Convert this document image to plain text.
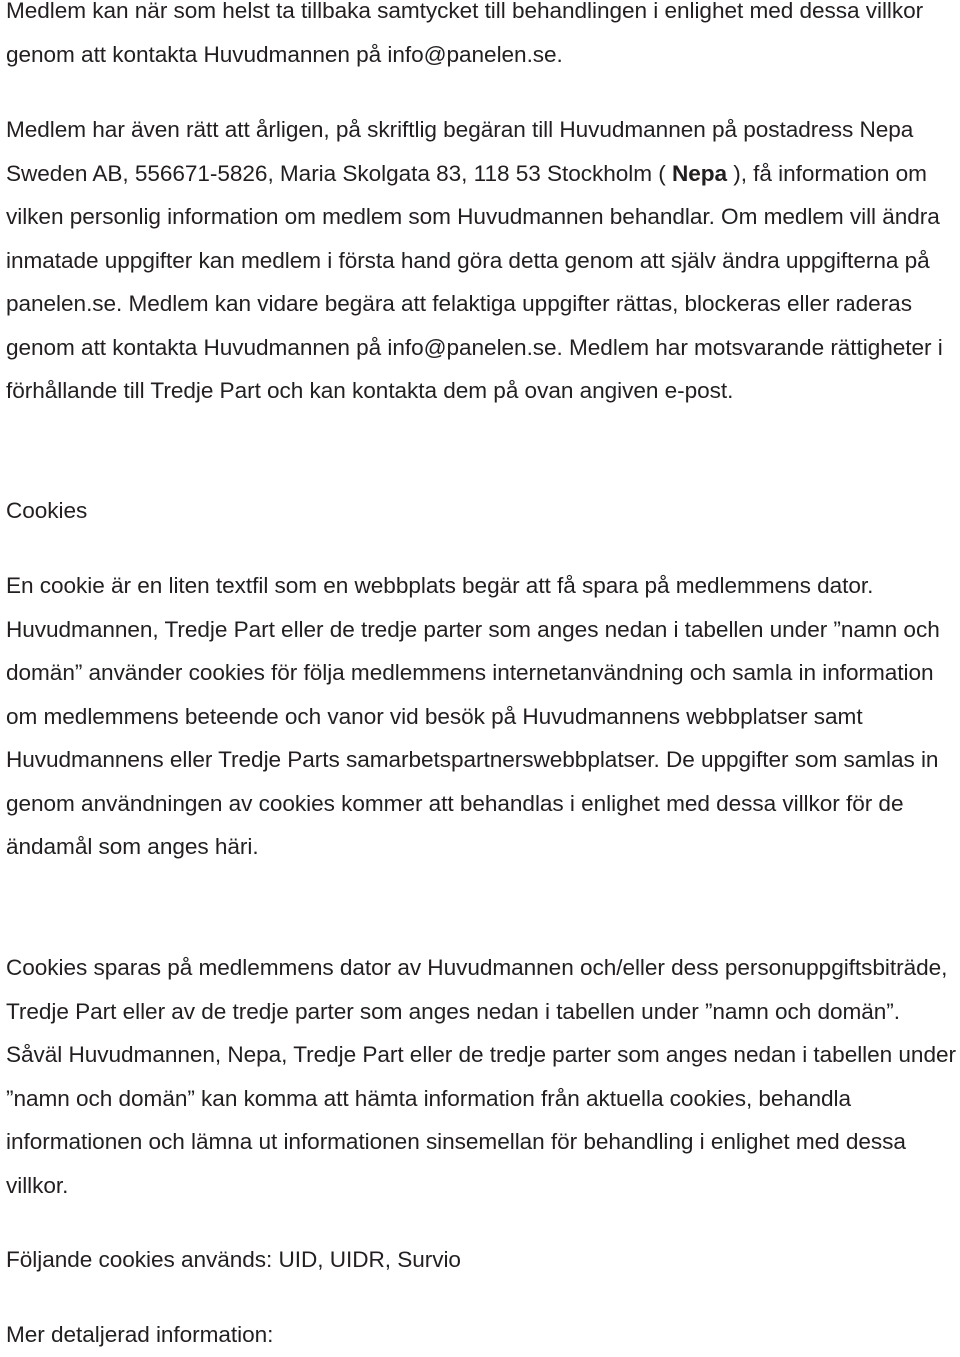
Medlem kan när som helst ta tillbaka samtycket till behandlingen i enlighet med dessa villkor genom att kontakta Huvudmannen på info@panelen.se.

Medlem har även rätt att årligen, på skriftlig begäran till Huvudmannen på postadress Nepa Sweden AB, 556671-5826, Maria Skolgata 83, 118 53 Stockholm ( Nepa ), få information om vilken personlig information om medlem som Huvudmannen behandlar. Om medlem vill ändra inmatade uppgifter kan medlem i första hand göra detta genom att själv ändra uppgifterna på panelen.se. Medlem kan vidare begära att felaktiga uppgifter rättas, blockeras eller raderas genom att kontakta Huvudmannen på info@panelen.se. Medlem har motsvarande rättigheter i förhållande till Tredje Part och kan kontakta dem på ovan angiven e-post.

Cookies

En cookie är en liten textfil som en webbplats begär att få spara på medlemmens dator. Huvudmannen, Tredje Part eller de tredje parter som anges nedan i tabellen under ”namn och domän” använder cookies för följa medlemmens internetanvändning och samla in information om medlemmens beteende och vanor vid besök på Huvudmannens webbplatser samt Huvudmannens eller Tredje Parts samarbetspartnerswebbplatser. De uppgifter som samlas in genom användningen av cookies kommer att behandlas i enlighet med dessa villkor för de ändamål som anges häri.

Cookies sparas på medlemmens dator av Huvudmannen och/eller dess personuppgiftsbiträde, Tredje Part eller av de tredje parter som anges nedan i tabellen under ”namn och domän”. Såväl Huvudmannen, Nepa, Tredje Part eller de tredje parter som anges nedan i tabellen under ”namn och domän” kan komma att hämta information från aktuella cookies, behandla informationen och lämna ut informationen sinsemellan för behandling i enlighet med dessa villkor.

Följande cookies används: UID, UIDR, Survio

Mer detaljerad information:
